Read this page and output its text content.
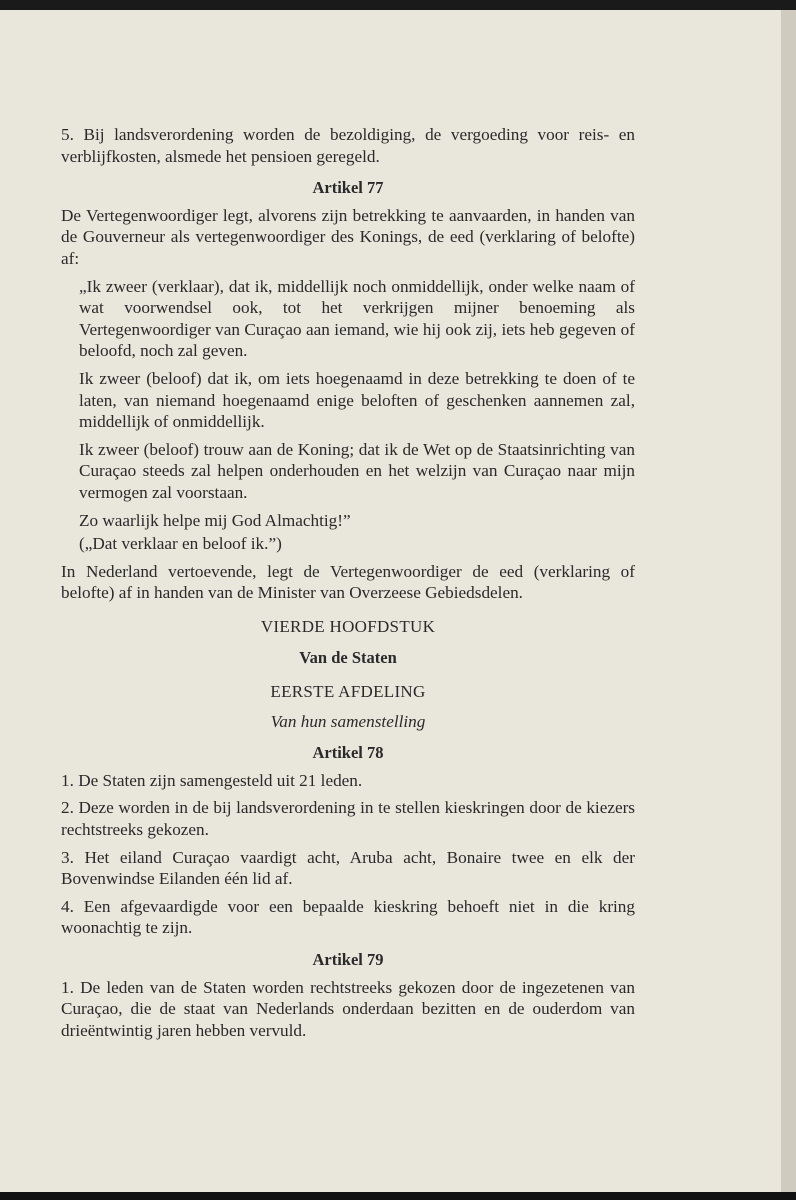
5. Bij landsverordening worden de bezoldiging, de vergoeding voor reis- en verblijfkosten, alsmede het pensioen geregeld.

Artikel 77

De Vertegenwoordiger legt, alvorens zijn betrekking te aanvaarden, in handen van de Gouverneur als vertegenwoordiger des Konings, de eed (verklaring of belofte) af:

„Ik zweer (verklaar), dat ik, middellijk noch onmiddellijk, onder welke naam of wat voorwendsel ook, tot het verkrijgen mijner benoeming als Vertegenwoordiger van Curaçao aan iemand, wie hij ook zij, iets heb gegeven of beloofd, noch zal geven.

Ik zweer (beloof) dat ik, om iets hoegenaamd in deze betrekking te doen of te laten, van niemand hoegenaamd enige beloften of geschenken aannemen zal, middellijk of onmiddellijk.

Ik zweer (beloof) trouw aan de Koning; dat ik de Wet op de Staatsinrichting van Curaçao steeds zal helpen onderhouden en het welzijn van Curaçao naar mijn vermogen zal voorstaan.

Zo waarlijk helpe mij God Almachtig!”

(„Dat verklaar en beloof ik.”)

In Nederland vertoevende, legt de Vertegenwoordiger de eed (verklaring of belofte) af in handen van de Minister van Overzeese Gebiedsdelen.

VIERDE HOOFDSTUK
Van de Staten
EERSTE AFDELING
Van hun samenstelling
Artikel 78

1. De Staten zijn samengesteld uit 21 leden.

2. Deze worden in de bij landsverordening in te stellen kieskringen door de kiezers rechtstreeks gekozen.

3. Het eiland Curaçao vaardigt acht, Aruba acht, Bonaire twee en elk der Bovenwindse Eilanden één lid af.

4. Een afgevaardigde voor een bepaalde kieskring behoeft niet in die kring woonachtig te zijn.

Artikel 79

1. De leden van de Staten worden rechtstreeks gekozen door de ingezetenen van Curaçao, die de staat van Nederlands onderdaan bezitten en de ouderdom van drieëntwintig jaren hebben vervuld.
